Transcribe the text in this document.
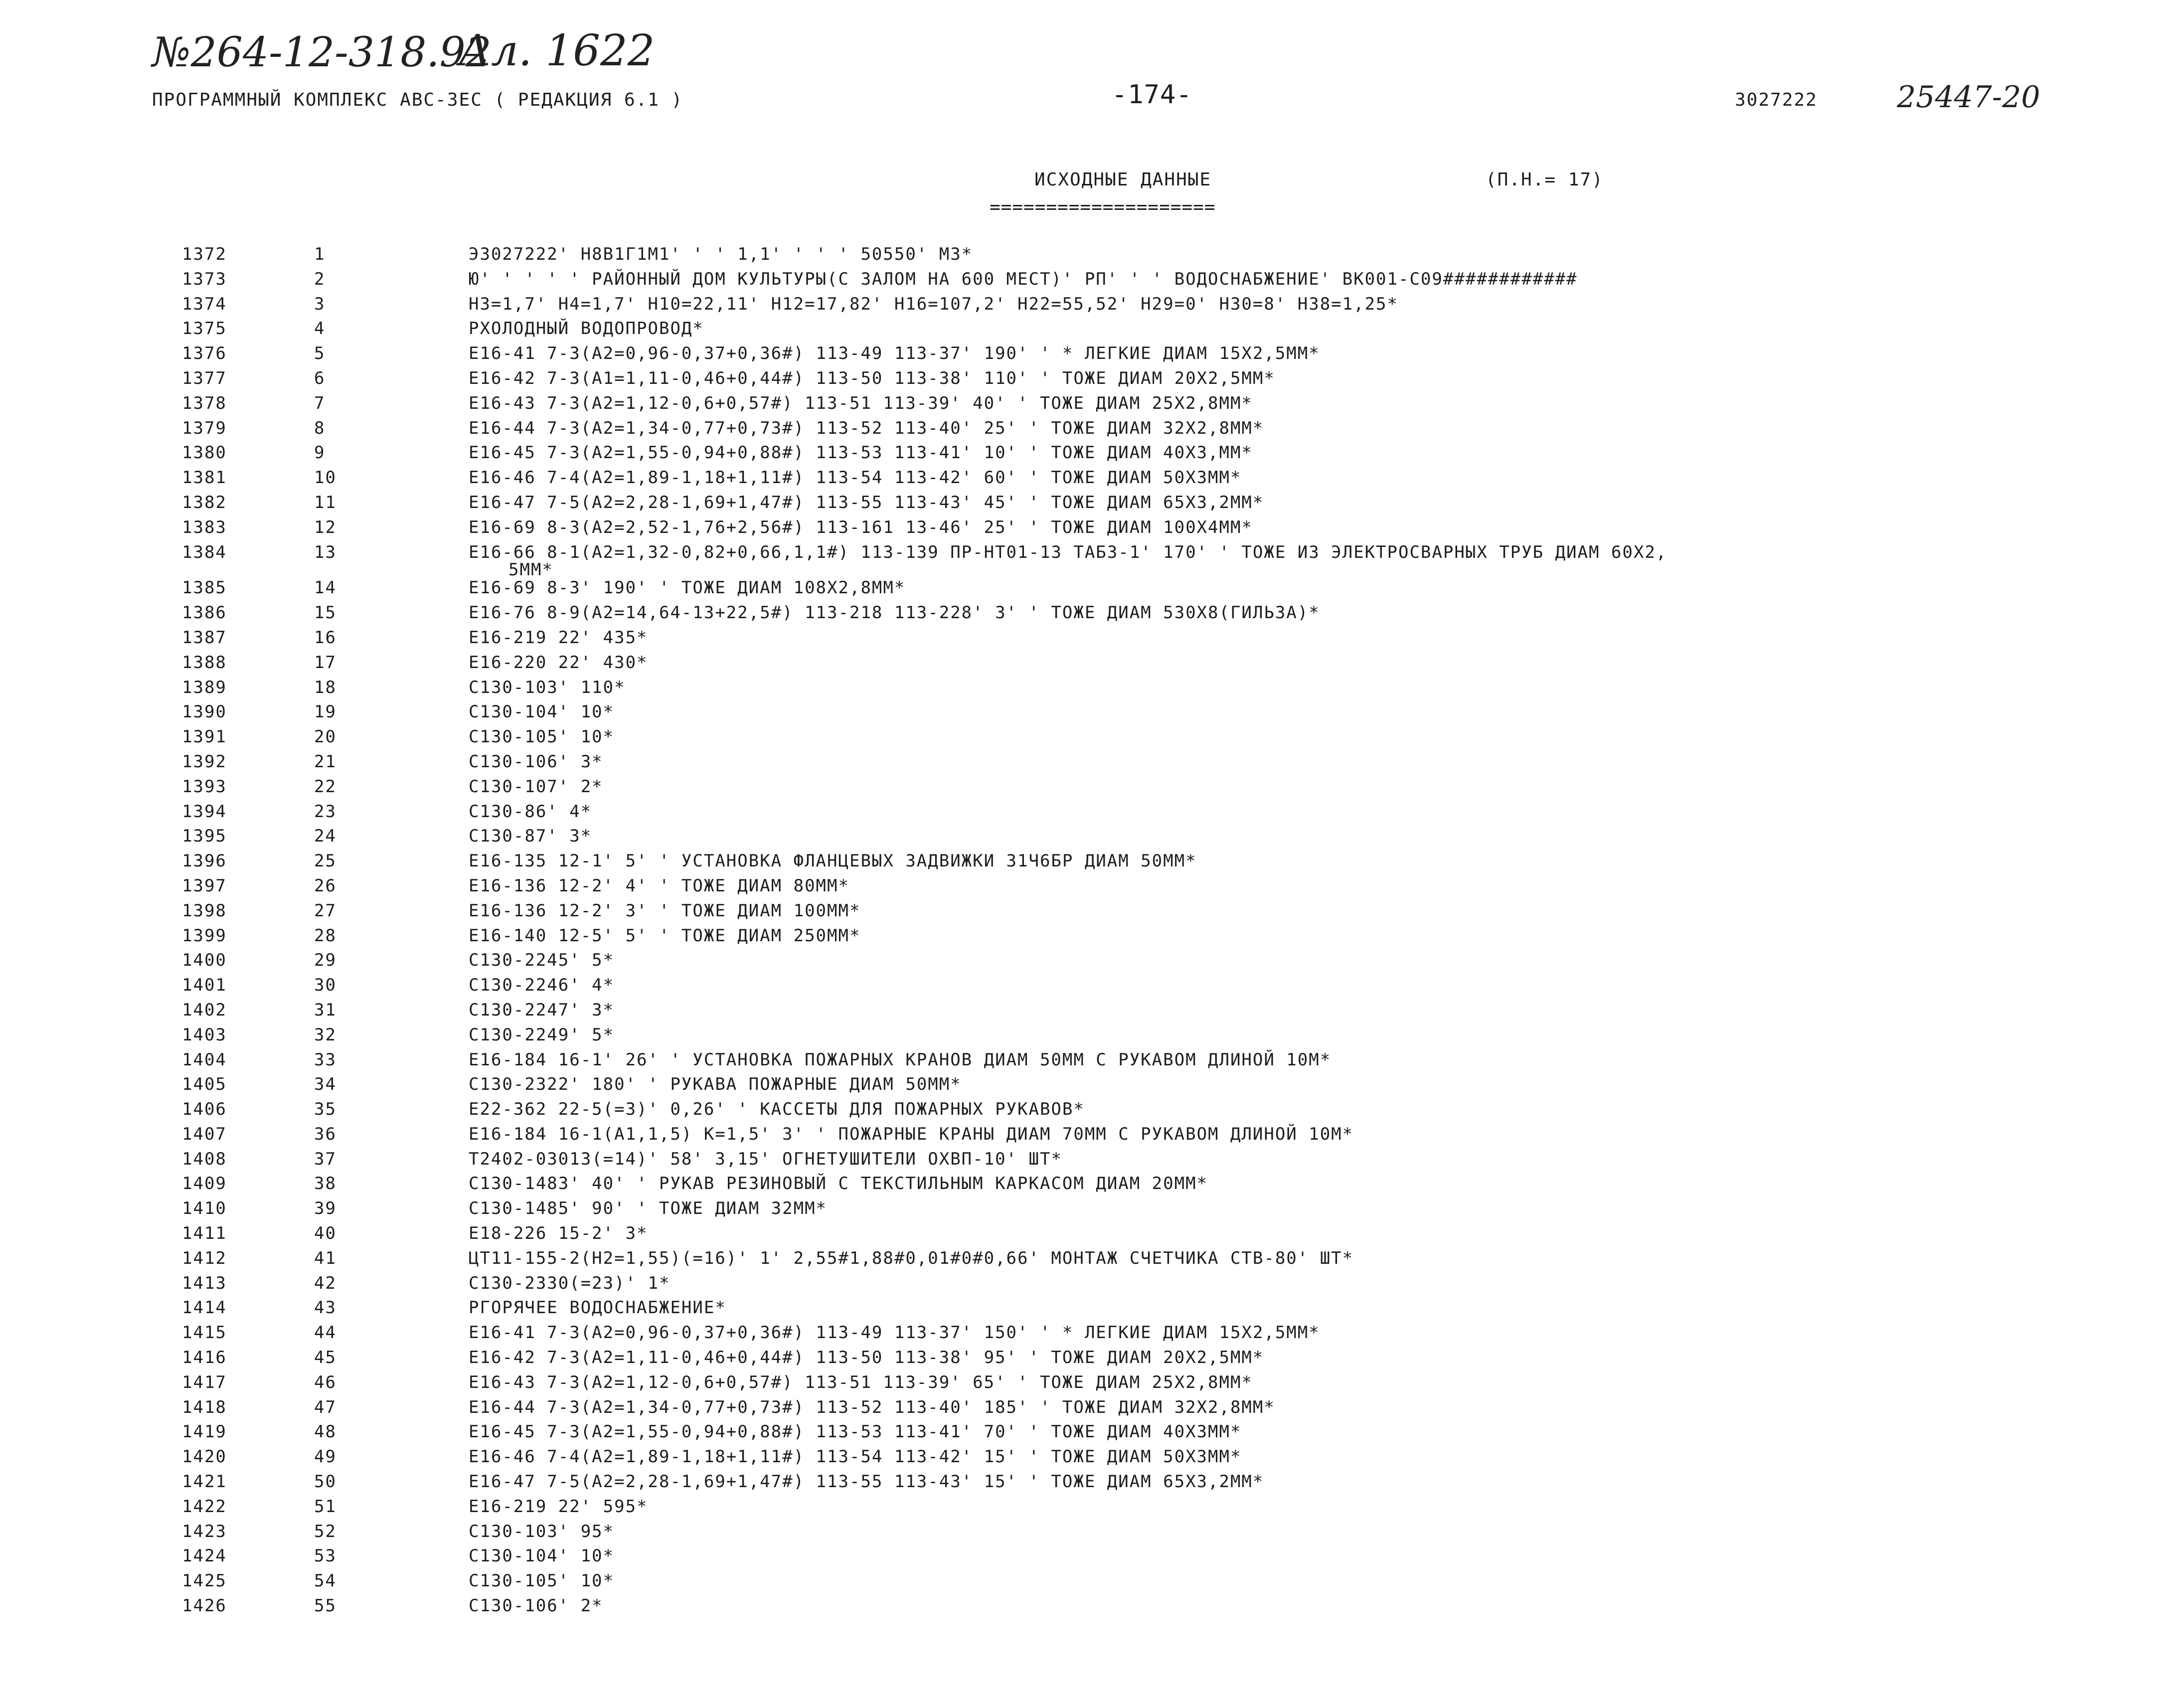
№264-12-318.92
Ал. 1622
25447-20
ПРОГРАММНЫЙ КОМПЛЕКС АВС-3ЕС ( РЕДАКЦИЯ 6.1 )	-174-	3027222
ИСХОДНЫЕ ДАННЫЕ
====================
(П.Н.= 17)
1372	1	Э3027222' Н8В1Г1М1' ' ' 1,1' ' ' ' 50550' М3*
1373	2	Ю' ' ' ' ' РАЙОННЫЙ ДОМ КУЛЬТУРЫ(С ЗАЛОМ НА 600 МЕСТ)' РП' ' ' ВОДОСНАБЖЕНИЕ' ВК001-С09############
1374	3	Н3=1,7' Н4=1,7' Н10=22,11' Н12=17,82' Н16=107,2' Н22=55,52' Н29=0' Н30=8' Н38=1,25*
1375	4	РХОЛОДНЫЙ ВОДОПРОВОД*
1376	5	Е16-41 7-3(А2=0,96-0,37+0,36#) 113-49 113-37' 190' ' * ЛЕГКИЕ ДИАМ 15Х2,5ММ*
1377	6	Е16-42 7-3(А1=1,11-0,46+0,44#) 113-50 113-38' 110' ' ТОЖЕ ДИАМ 20Х2,5ММ*
1378	7	Е16-43 7-3(А2=1,12-0,6+0,57#) 113-51 113-39' 40' ' ТОЖЕ ДИАМ 25Х2,8ММ*
1379	8	Е16-44 7-3(А2=1,34-0,77+0,73#) 113-52 113-40' 25' ' ТОЖЕ ДИАМ 32Х2,8ММ*
1380	9	Е16-45 7-3(А2=1,55-0,94+0,88#) 113-53 113-41' 10' ' ТОЖЕ ДИАМ 40Х3,ММ*
1381	10	Е16-46 7-4(А2=1,89-1,18+1,11#) 113-54 113-42' 60' ' ТОЖЕ ДИАМ 50Х3ММ*
1382	11	Е16-47 7-5(А2=2,28-1,69+1,47#) 113-55 113-43' 45' ' ТОЖЕ ДИАМ 65Х3,2ММ*
1383	12	Е16-69 8-3(А2=2,52-1,76+2,56#) 113-161 13-46' 25' ' ТОЖЕ ДИАМ 100Х4ММ*
1384	13	Е16-66 8-1(А2=1,32-0,82+0,66,1,1#) 113-139 ПР-НТ01-13 ТАБ3-1' 170' ' ТОЖЕ ИЗ ЭЛЕКТРОСВАРНЫХ ТРУБ ДИАМ 60Х2,
5ММ*
1385	14	Е16-69 8-3' 190' ' ТОЖЕ ДИАМ 108Х2,8ММ*
1386	15	Е16-76 8-9(А2=14,64-13+22,5#) 113-218 113-228' 3' ' ТОЖЕ ДИАМ 530Х8(ГИЛЬЗА)*
1387	16	Е16-219 22' 435*
1388	17	Е16-220 22' 430*
1389	18	С130-103' 110*
1390	19	С130-104' 10*
1391	20	С130-105' 10*
1392	21	С130-106' 3*
1393	22	С130-107' 2*
1394	23	С130-86' 4*
1395	24	С130-87' 3*
1396	25	Е16-135 12-1' 5' ' УСТАНОВКА ФЛАНЦЕВЫХ ЗАДВИЖКИ 31Ч6БР ДИАМ 50ММ*
1397	26	Е16-136 12-2' 4' ' ТОЖЕ ДИАМ 80ММ*
1398	27	Е16-136 12-2' 3' ' ТОЖЕ ДИАМ 100ММ*
1399	28	Е16-140 12-5' 5' ' ТОЖЕ ДИАМ 250ММ*
1400	29	С130-2245' 5*
1401	30	С130-2246' 4*
1402	31	С130-2247' 3*
1403	32	С130-2249' 5*
1404	33	Е16-184 16-1' 26' ' УСТАНОВКА ПОЖАРНЫХ КРАНОВ ДИАМ 50ММ С РУКАВОМ ДЛИНОЙ 10М*
1405	34	С130-2322' 180' ' РУКАВА ПОЖАРНЫЕ ДИАМ 50ММ*
1406	35	Е22-362 22-5(=3)' 0,26' ' КАССЕТЫ ДЛЯ ПОЖАРНЫХ РУКАВОВ*
1407	36	Е16-184 16-1(А1,1,5) К=1,5' 3' ' ПОЖАРНЫЕ КРАНЫ ДИАМ 70ММ С РУКАВОМ ДЛИНОЙ 10М*
1408	37	Т2402-03013(=14)' 58' 3,15' ОГНЕТУШИТЕЛИ ОХВП-10' ШТ*
1409	38	С130-1483' 40' ' РУКАВ РЕЗИНОВЫЙ С ТЕКСТИЛЬНЫМ КАРКАСОМ ДИАМ 20ММ*
1410	39	С130-1485' 90' ' ТОЖЕ ДИАМ 32ММ*
1411	40	Е18-226 15-2' 3*
1412	41	ЦТ11-155-2(Н2=1,55)(=16)' 1' 2,55#1,88#0,01#0#0,66' МОНТАЖ СЧЕТЧИКА СТВ-80' ШТ*
1413	42	С130-2330(=23)' 1*
1414	43	РГОРЯЧЕЕ ВОДОСНАБЖЕНИЕ*
1415	44	Е16-41 7-3(А2=0,96-0,37+0,36#) 113-49 113-37' 150' ' * ЛЕГКИЕ ДИАМ 15Х2,5ММ*
1416	45	Е16-42 7-3(А2=1,11-0,46+0,44#) 113-50 113-38' 95' ' ТОЖЕ ДИАМ 20Х2,5ММ*
1417	46	Е16-43 7-3(А2=1,12-0,6+0,57#) 113-51 113-39' 65' ' ТОЖЕ ДИАМ 25Х2,8ММ*
1418	47	Е16-44 7-3(А2=1,34-0,77+0,73#) 113-52 113-40' 185' ' ТОЖЕ ДИАМ 32Х2,8ММ*
1419	48	Е16-45 7-3(А2=1,55-0,94+0,88#) 113-53 113-41' 70' ' ТОЖЕ ДИАМ 40Х3ММ*
1420	49	Е16-46 7-4(А2=1,89-1,18+1,11#) 113-54 113-42' 15' ' ТОЖЕ ДИАМ 50Х3ММ*
1421	50	Е16-47 7-5(А2=2,28-1,69+1,47#) 113-55 113-43' 15' ' ТОЖЕ ДИАМ 65Х3,2ММ*
1422	51	Е16-219 22' 595*
1423	52	С130-103' 95*
1424	53	С130-104' 10*
1425	54	С130-105' 10*
1426	55	С130-106' 2*
